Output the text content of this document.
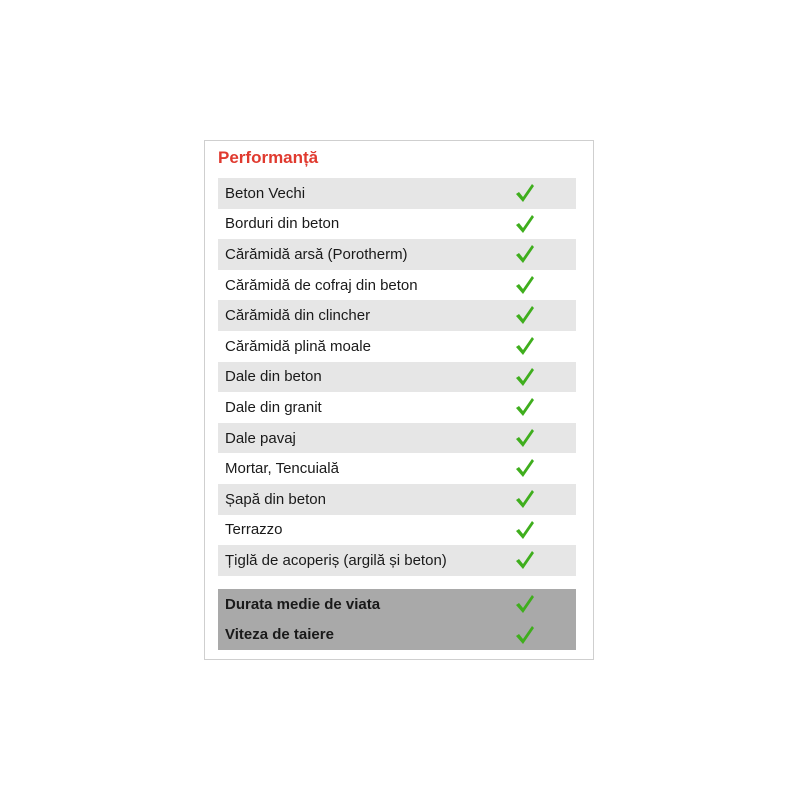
Performanță
Beton Vechi
Borduri din beton
Cărămidă arsă (Porotherm)
Cărămidă de cofraj din beton
Cărămidă din clincher
Cărămidă plină moale
Dale din beton
Dale din granit
Dale pavaj
Mortar, Tencuială
Șapă din beton
Terrazzo
Țiglă de acoperiș (argilă și beton)
Durata medie de viata
Viteza de taiere
